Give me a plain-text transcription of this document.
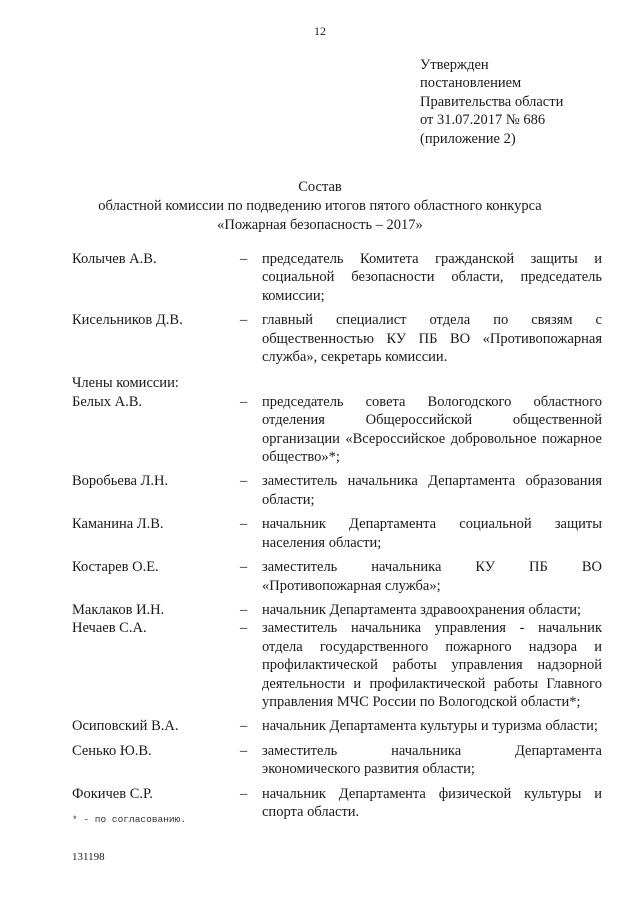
12
Утвержден
постановлением
Правительства области
от 31.07.2017 № 686
(приложение 2)
Состав
областной комиссии по подведению итогов пятого областного конкурса
«Пожарная безопасность – 2017»
Колычев А.В.	–	председатель Комитета гражданской защиты и социальной безопасности области, председатель комиссии;
Кисельников Д.В.	–	главный специалист отдела по связям с общественностью КУ ПБ ВО «Противопожарная служба», секретарь комиссии.
Члены комиссии:
Белых А.В.	–	председатель совета Вологодского областного отделения Общероссийской общественной организации «Всероссийское добровольное пожарное общество»*;
Воробьева Л.Н.	–	заместитель начальника Департамента образования области;
Каманина Л.В.	–	начальник Департамента социальной защиты населения области;
Костарев О.Е.	–	заместитель начальника КУ ПБ ВО «Противопожарная служба»;
Маклаков И.Н.	–	начальник Департамента здравоохранения области;
Нечаев С.А.	–	заместитель начальника управления - начальник отдела государственного пожарного надзора и профилактической работы управления надзорной деятельности и профилактической работы Главного управления МЧС России по Вологодской области*;
Осиповский В.А.	–	начальник Департамента культуры и туризма области;
Сенько Ю.В.	–	заместитель начальника Департамента экономического развития области;
Фокичев С.Р.	–	начальник Департамента физической культуры и спорта области.
* - по согласованию.
131198
